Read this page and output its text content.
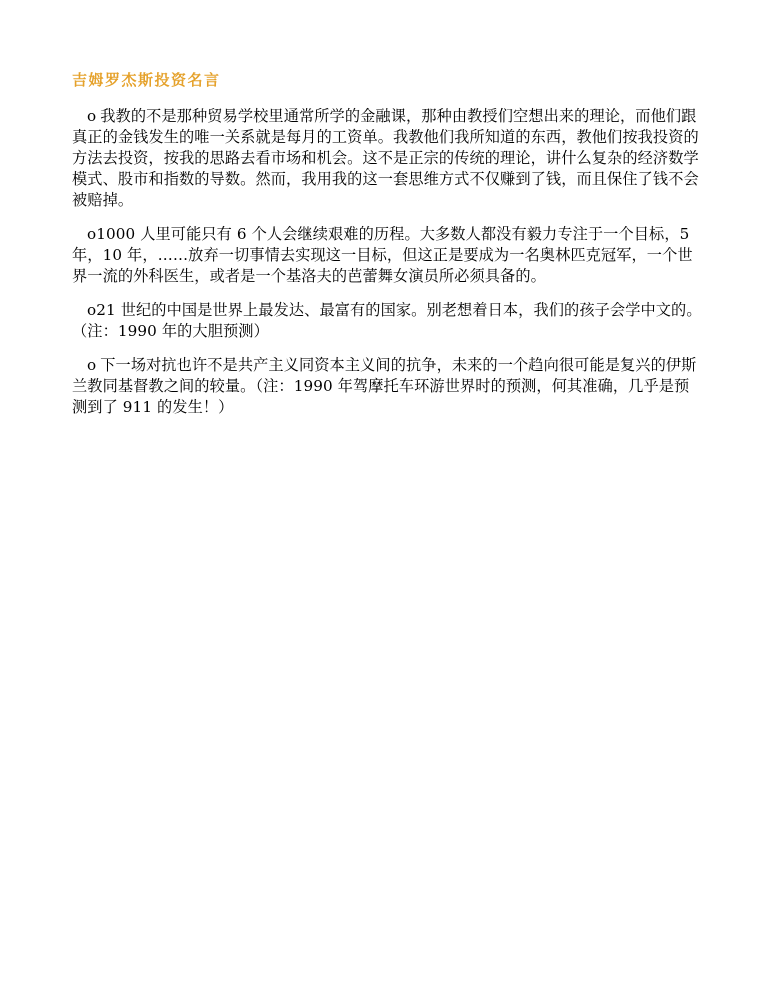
吉姆罗杰斯投资名言

o 我教的不是那种贸易学校里通常所学的金融课，那种由教授们空想出来的理论，而他们跟真正的金钱发生的唯一关系就是每月的工资单。我教他们我所知道的东西，教他们按我投资的方法去投资，按我的思路去看市场和机会。这不是正宗的传统的理论，讲什么复杂的经济数学模式、股市和指数的导数。然而，我用我的这一套思维方式不仅赚到了钱，而且保住了钱不会被赔掉。

o1000 人里可能只有 6 个人会继续艰难的历程。大多数人都没有毅力专注于一个目标，5 年，10 年，……放弃一切事情去实现这一目标，但这正是要成为一名奥林匹克冠军，一个世界一流的外科医生，或者是一个基洛夫的芭蕾舞女演员所必须具备的。

o21 世纪的中国是世界上最发达、最富有的国家。别老想着日本，我们的孩子会学中文的。（注：1990 年的大胆预测）

o 下一场对抗也许不是共产主义同资本主义间的抗争，未来的一个趋向很可能是复兴的伊斯兰教同基督教之间的较量。（注：1990 年驾摩托车环游世界时的预测，何其准确，几乎是预测到了 911 的发生！）
